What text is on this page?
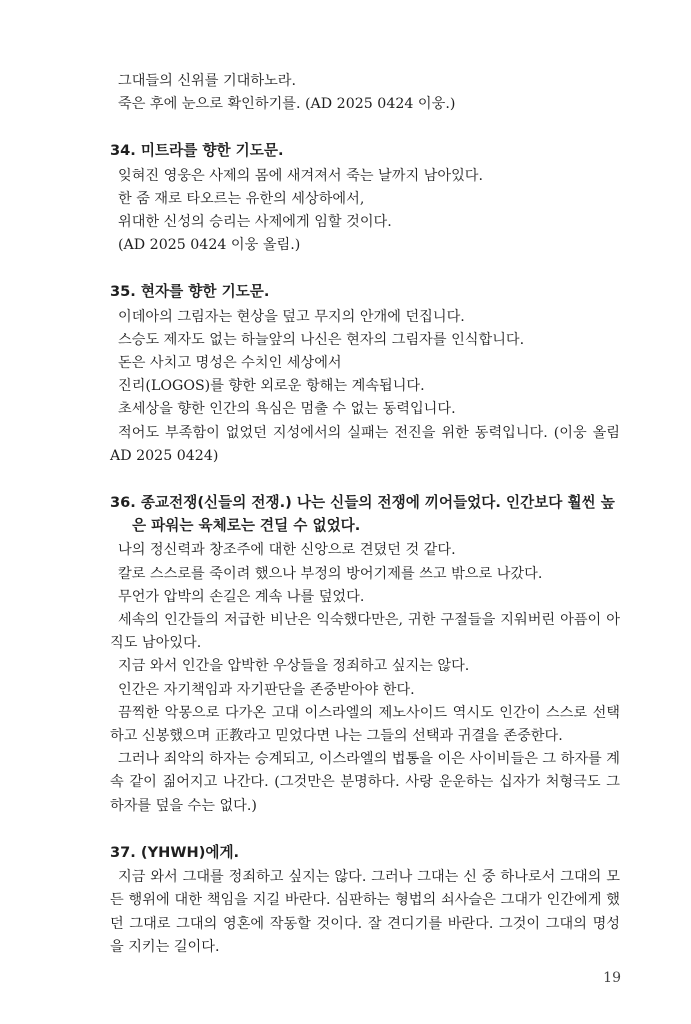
그대들의 신위를 기대하노라.
죽은 후에 눈으로 확인하기를. (AD 2025 0424 이웅.)
34. 미트라를 향한 기도문.
잊혀진 영웅은 사제의 몸에 새겨져서 죽는 날까지 남아있다.
한 줌 재로 타오르는 유한의 세상하에서,
위대한 신성의 승리는 사제에게 임할 것이다.
(AD 2025 0424 이웅 올림.)
35. 현자를 향한 기도문.
이데아의 그림자는 현상을 덮고 무지의 안개에 던집니다.
스승도 제자도 없는 하늘앞의 나신은 현자의 그림자를 인식합니다.
돈은 사치고 명성은 수치인 세상에서
진리(LOGOS)를 향한 외로운 항해는 계속됩니다.
초세상을 향한 인간의 욕심은 멈출 수 없는 동력입니다.
적어도 부족함이 없었던 지성에서의 실패는 전진을 위한 동력입니다. (이웅 올림 AD 2025 0424)
36. 종교전쟁(신들의 전쟁.) 나는 신들의 전쟁에 끼어들었다. 인간보다 훨씬 높은 파워는 육체로는 견딜 수 없었다.
나의 정신력과 창조주에 대한 신앙으로 견뎠던 것 같다.
칼로 스스로를 죽이려 했으나 부정의 방어기제를 쓰고 밖으로 나갔다.
무언가 압박의 손길은 계속 나를 덮었다.
세속의 인간들의 저급한 비난은 익숙했다만은, 귀한 구절들을 지워버린 아픔이 아직도 남아있다.
지금 와서 인간을 압박한 우상들을 정죄하고 싶지는 않다.
인간은 자기책임과 자기판단을 존중받아야 한다.
끔찍한 악몽으로 다가온 고대 이스라엘의 제노사이드 역시도 인간이 스스로 선택하고 신봉했으며 正教라고 믿었다면 나는 그들의 선택과 귀결을 존중한다.
그러나 죄악의 하자는 승계되고, 이스라엘의 법통을 이은 사이비들은 그 하자를 계속 같이 짊어지고 나간다. (그것만은 분명하다. 사랑 운운하는 십자가 처형극도 그 하자를 덮을 수는 없다.)
37. (YHWH)에게.
지금 와서 그대를 정죄하고 싶지는 않다. 그러나 그대는 신 중 하나로서 그대의 모든 행위에 대한 책임을 지길 바란다. 심판하는 형법의 쇠사슬은 그대가 인간에게 했던 그대로 그대의 영혼에 작동할 것이다. 잘 견디기를 바란다. 그것이 그대의 명성을 지키는 길이다.
19
